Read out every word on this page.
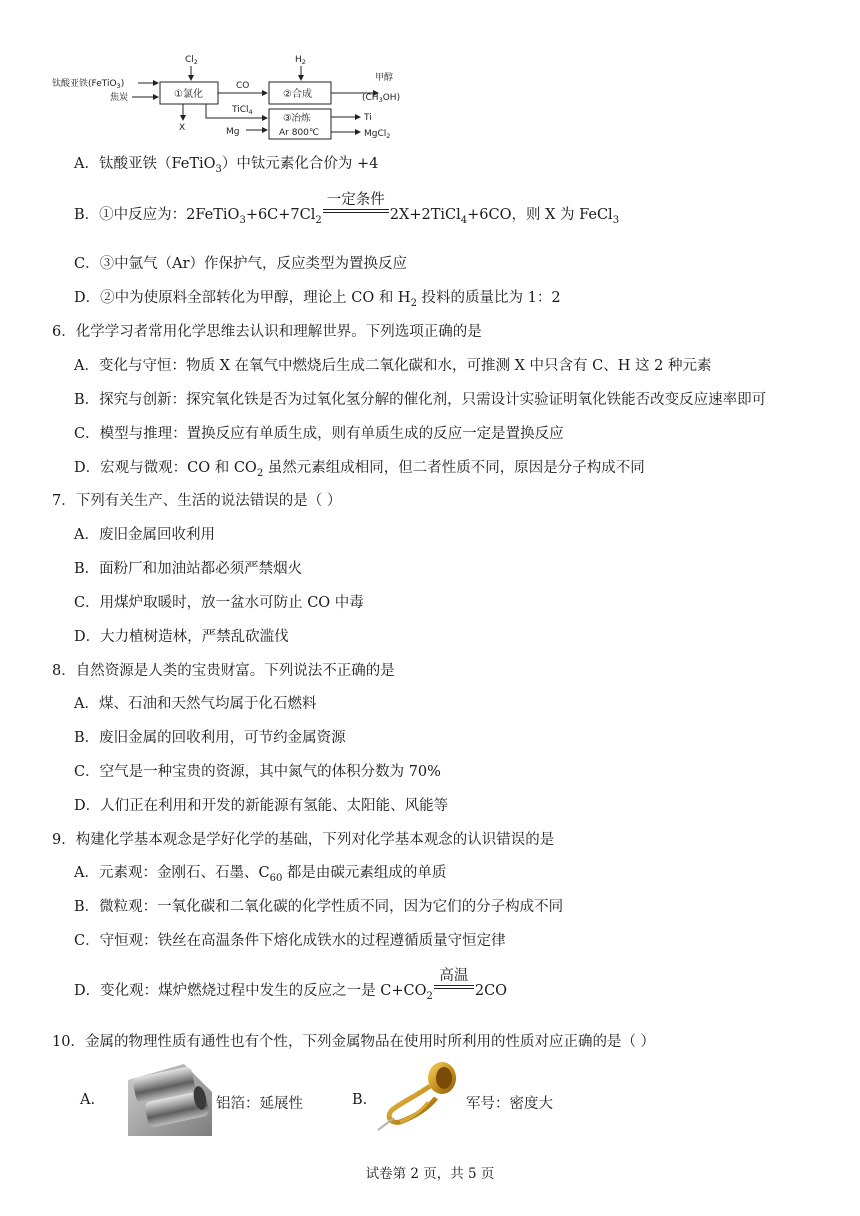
钛酸亚铁(FeTiO$_3$)
焦炭
$Cl_2$
①氯化
X
CO
$H_2$
②合成
甲醇
$(CH_3OH)$
TiCl$_4$
Mg
③冶炼
Ar 800℃
Ti
MgCl$_2$
A．钛酸亚铁（FeTiO$_3$）中钛元素化合价为 +4
B．①中反应为：$2FeTiO_3+6C+7Cl_2$
一定条件
2X+2TiCl$_4$+6CO，则 X 为 FeCl$_3$
C．③中氩气（Ar）作保护气，反应类型为置换反应
D．②中为使原料全部转化为甲醇，理论上 CO 和 $H_2$ 投料的质量比为 1：2
6．化学学习者常用化学思维去认识和理解世界。下列选项正确的是
A．变化与守恒：物质 X 在氧气中燃烧后生成二氧化碳和水，可推测 X 中只含有 C、H 这 2 种元素
B．探究与创新：探究氧化铁是否为过氧化氢分解的催化剂，只需设计实验证明氧化铁能否改变反应速率即可
C．模型与推理：置换反应有单质生成，则有单质生成的反应一定是置换反应
D．宏观与微观：CO 和 $CO_2$ 虽然元素组成相同，但二者性质不同，原因是分子构成不同
7．下列有关生产、生活的说法错误的是（ ）
A．废旧金属回收利用
B．面粉厂和加油站都必须严禁烟火
C．用煤炉取暖时，放一盆水可防止 CO 中毒
D．大力植树造林，严禁乱砍滥伐
8．自然资源是人类的宝贵财富。下列说法不正确的是
A．煤、石油和天然气均属于化石燃料
B．废旧金属的回收利用，可节约金属资源
C．空气是一种宝贵的资源，其中氮气的体积分数为 70%
D．人们正在利用和开发的新能源有氢能、太阳能、风能等
9．构建化学基本观念是学好化学的基础，下列对化学基本观念的认识错误的是
A．元素观：金刚石、石墨、$C_{60}$ 都是由碳元素组成的单质
B．微粒观：一氧化碳和二氧化碳的化学性质不同，因为它们的分子构成不同
C．守恒观：铁丝在高温条件下熔化成铁水的过程遵循质量守恒定律
D．变化观：煤炉燃烧过程中发生的反应之一是 $C+CO_2$
高温
2CO
10．金属的物理性质有通性也有个性，下列金属物品在使用时所利用的性质对应正确的是（ ）
A.	铝箔：延展性	B.	军号：密度大
试卷第 2 页，共 5 页
